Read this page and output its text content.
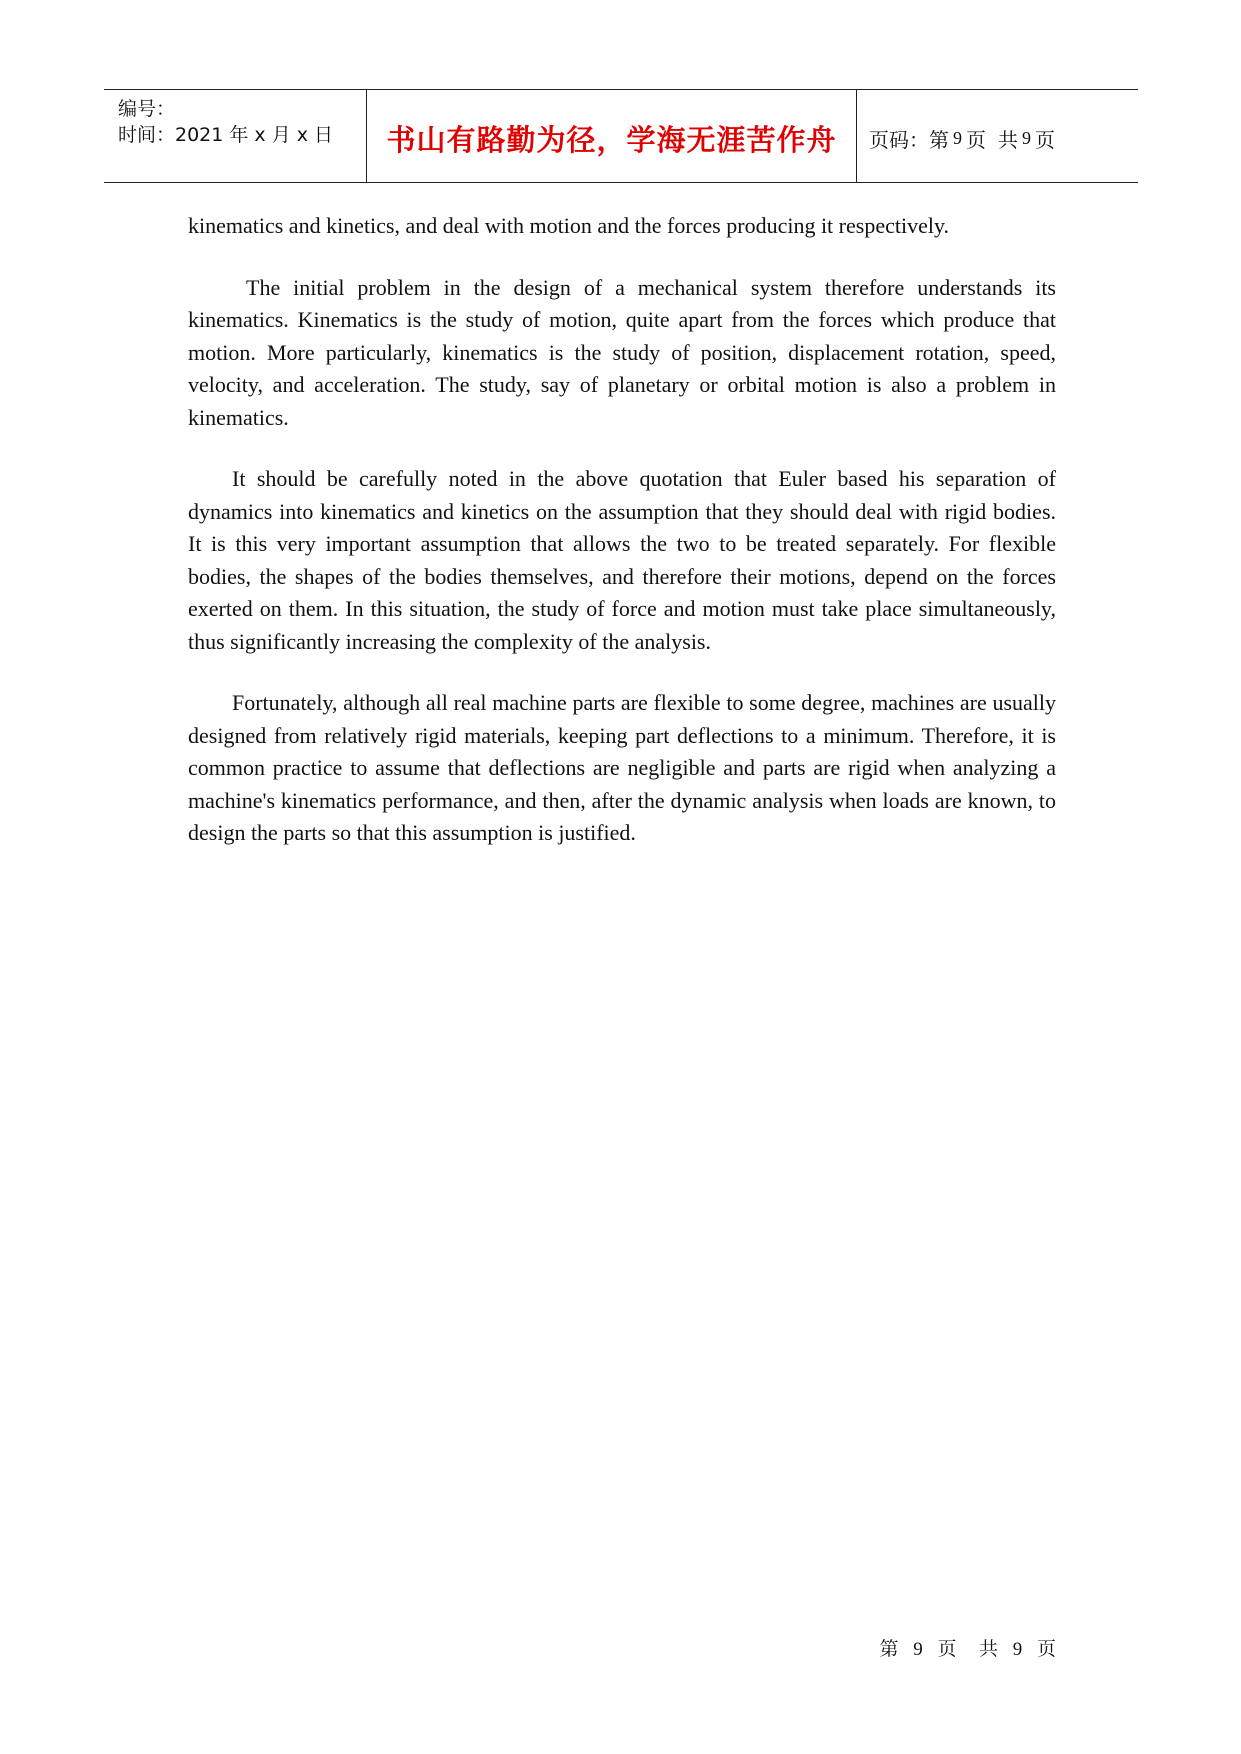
编号：
时间：2021 年 x 月 x 日 书山有路勤为径，学海无涯苦作舟 页码：第 9 页 共 9 页

kinematics and kinetics, and deal with motion and the forces producing it respectively.

The initial problem in the design of a mechanical system therefore understands its kinematics. Kinematics is the study of motion, quite apart from the forces which produce that motion. More particularly, kinematics is the study of position, displacement rotation, speed, velocity, and acceleration. The study, say of planetary or orbital motion is also a problem in kinematics.

It should be carefully noted in the above quotation that Euler based his separation of dynamics into kinematics and kinetics on the assumption that they should deal with rigid bodies. It is this very important assumption that allows the two to be treated separately. For flexible bodies, the shapes of the bodies themselves, and therefore their motions, depend on the forces exerted on them. In this situation, the study of force and motion must take place simultaneously, thus significantly increasing the complexity of the analysis.

Fortunately, although all real machine parts are flexible to some degree, machines are usually designed from relatively rigid materials, keeping part deflections to a minimum. Therefore, it is common practice to assume that deflections are negligible and parts are rigid when analyzing a machine's kinematics performance, and then, after the dynamic analysis when loads are known, to design the parts so that this assumption is justified.

第 9 页 共 9 页
